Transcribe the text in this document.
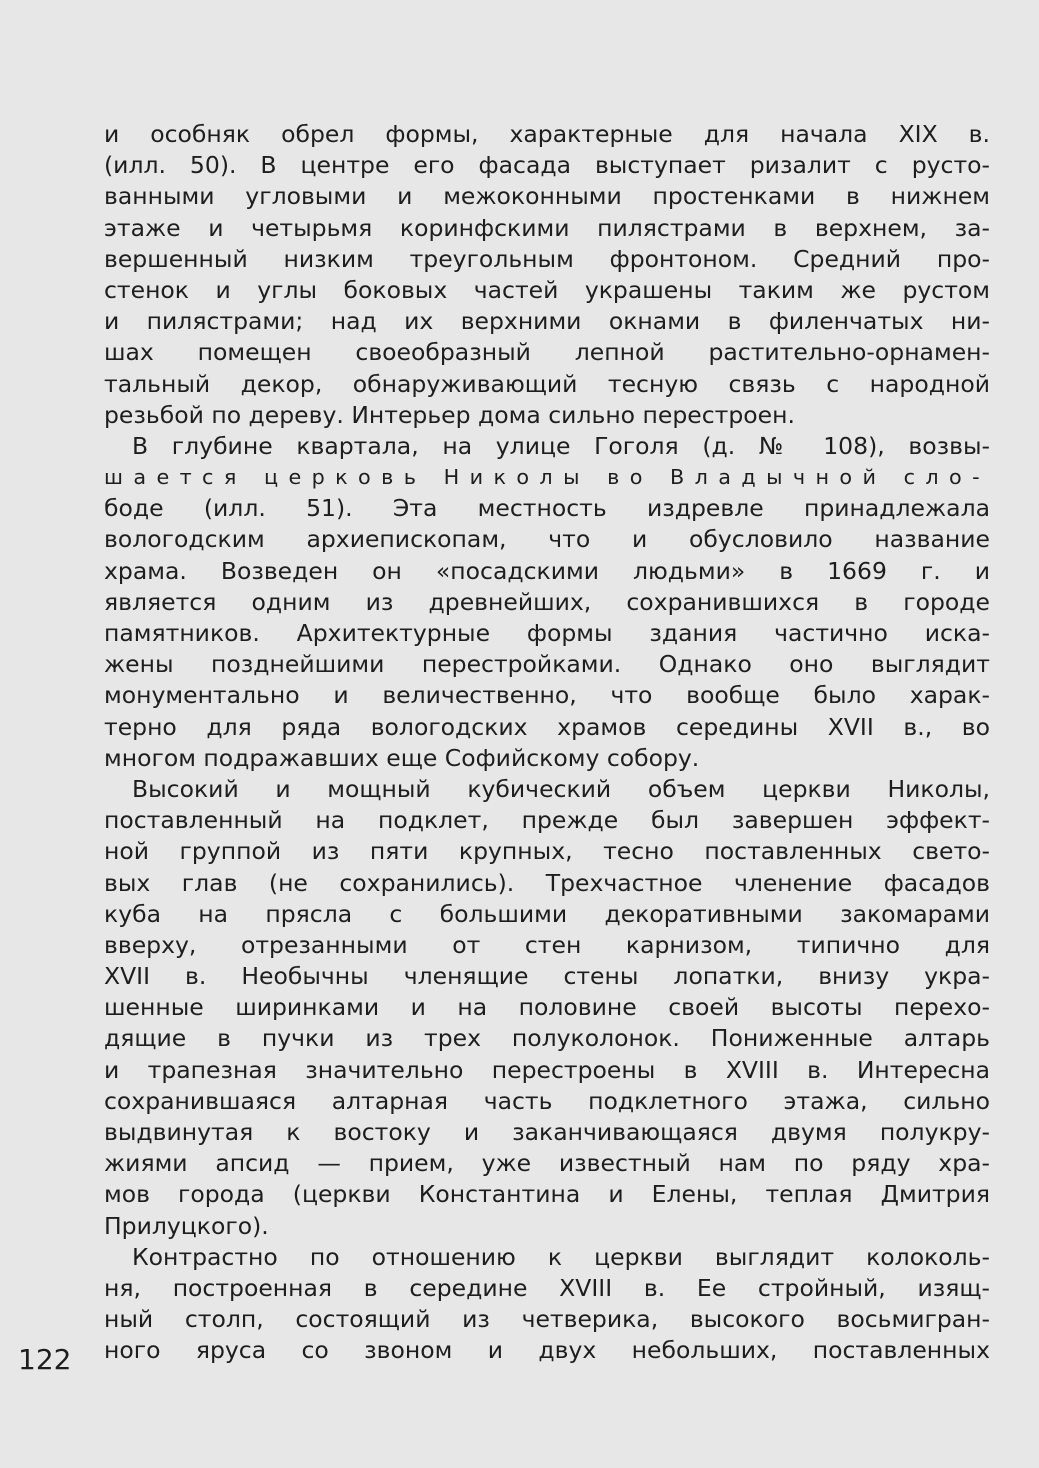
и особняк обрел формы, характерные для начала XIX в.
(илл. 50). В центре его фасада выступает ризалит с русто-
ванными угловыми и межоконными простенками в нижнем
этаже и четырьмя коринфскими пилястрами в верхнем, за-
вершенный низким треугольным фронтоном. Средний про-
стенок и углы боковых частей украшены таким же рустом
и пилястрами; над их верхними окнами в филенчатых ни-
шах помещен своеобразный лепной растительно-орнамен-
тальный декор, обнаруживающий тесную связь с народной
резьбой по дереву. Интерьер дома сильно перестроен.
В глубине квартала, на улице Гоголя (д. № 108), возвы-
шается церковь Николы во Владычной сло-
боде (илл. 51). Эта местность издревле принадлежала
вологодским архиепископам, что и обусловило название
храма. Возведен он «посадскими людьми» в 1669 г. и
является одним из древнейших, сохранившихся в городе
памятников. Архитектурные формы здания частично иска-
жены позднейшими перестройками. Однако оно выглядит
монументально и величественно, что вообще было харак-
терно для ряда вологодских храмов середины XVII в., во
многом подражавших еще Софийскому собору.
Высокий и мощный кубический объем церкви Николы,
поставленный на подклет, прежде был завершен эффект-
ной группой из пяти крупных, тесно поставленных свето-
вых глав (не сохранились). Трехчастное членение фасадов
куба на прясла с большими декоративными закомарами
вверху, отрезанными от стен карнизом, типично для
XVII в. Необычны членящие стены лопатки, внизу укра-
шенные ширинками и на половине своей высоты перехо-
дящие в пучки из трех полуколонок. Пониженные алтарь
и трапезная значительно перестроены в XVIII в. Интересна
сохранившаяся алтарная часть подклетного этажа, сильно
выдвинутая к востоку и заканчивающаяся двумя полукру-
жиями апсид — прием, уже известный нам по ряду хра-
мов города (церкви Константина и Елены, теплая Дмитрия
Прилуцкого).
Контрастно по отношению к церкви выглядит колоколь-
ня, построенная в середине XVIII в. Ее стройный, изящ-
ный столп, состоящий из четверика, высокого восьмигран-
ного яруса со звоном и двух небольших, поставленных
122
